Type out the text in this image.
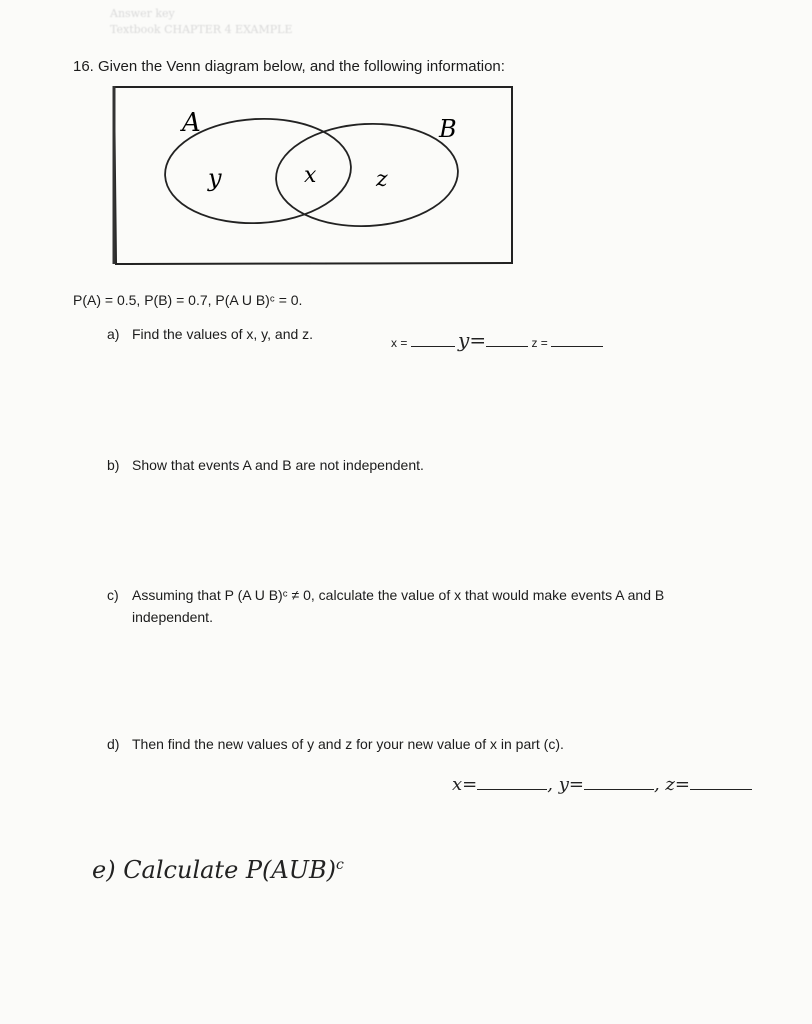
Answer key
Textbook CHAPTER 4 EXAMPLE
16. Given the Venn diagram below, and the following information:
A	B
y	x	z
P(A) = 0.5, P(B) = 0.7, P(A U B)ᶜ = 0.
a) Find the values of x, y, and z.
x =	y=	z =
b) Show that events A and B are not independent.
c) Assuming that P (A U B)ᶜ ≠ 0, calculate the value of x that would make events A and B
independent.
d) Then find the new values of y and z for your new value of x in part (c).
x=	, y=	, z=
e) Calculate P(AUB)$^c$
